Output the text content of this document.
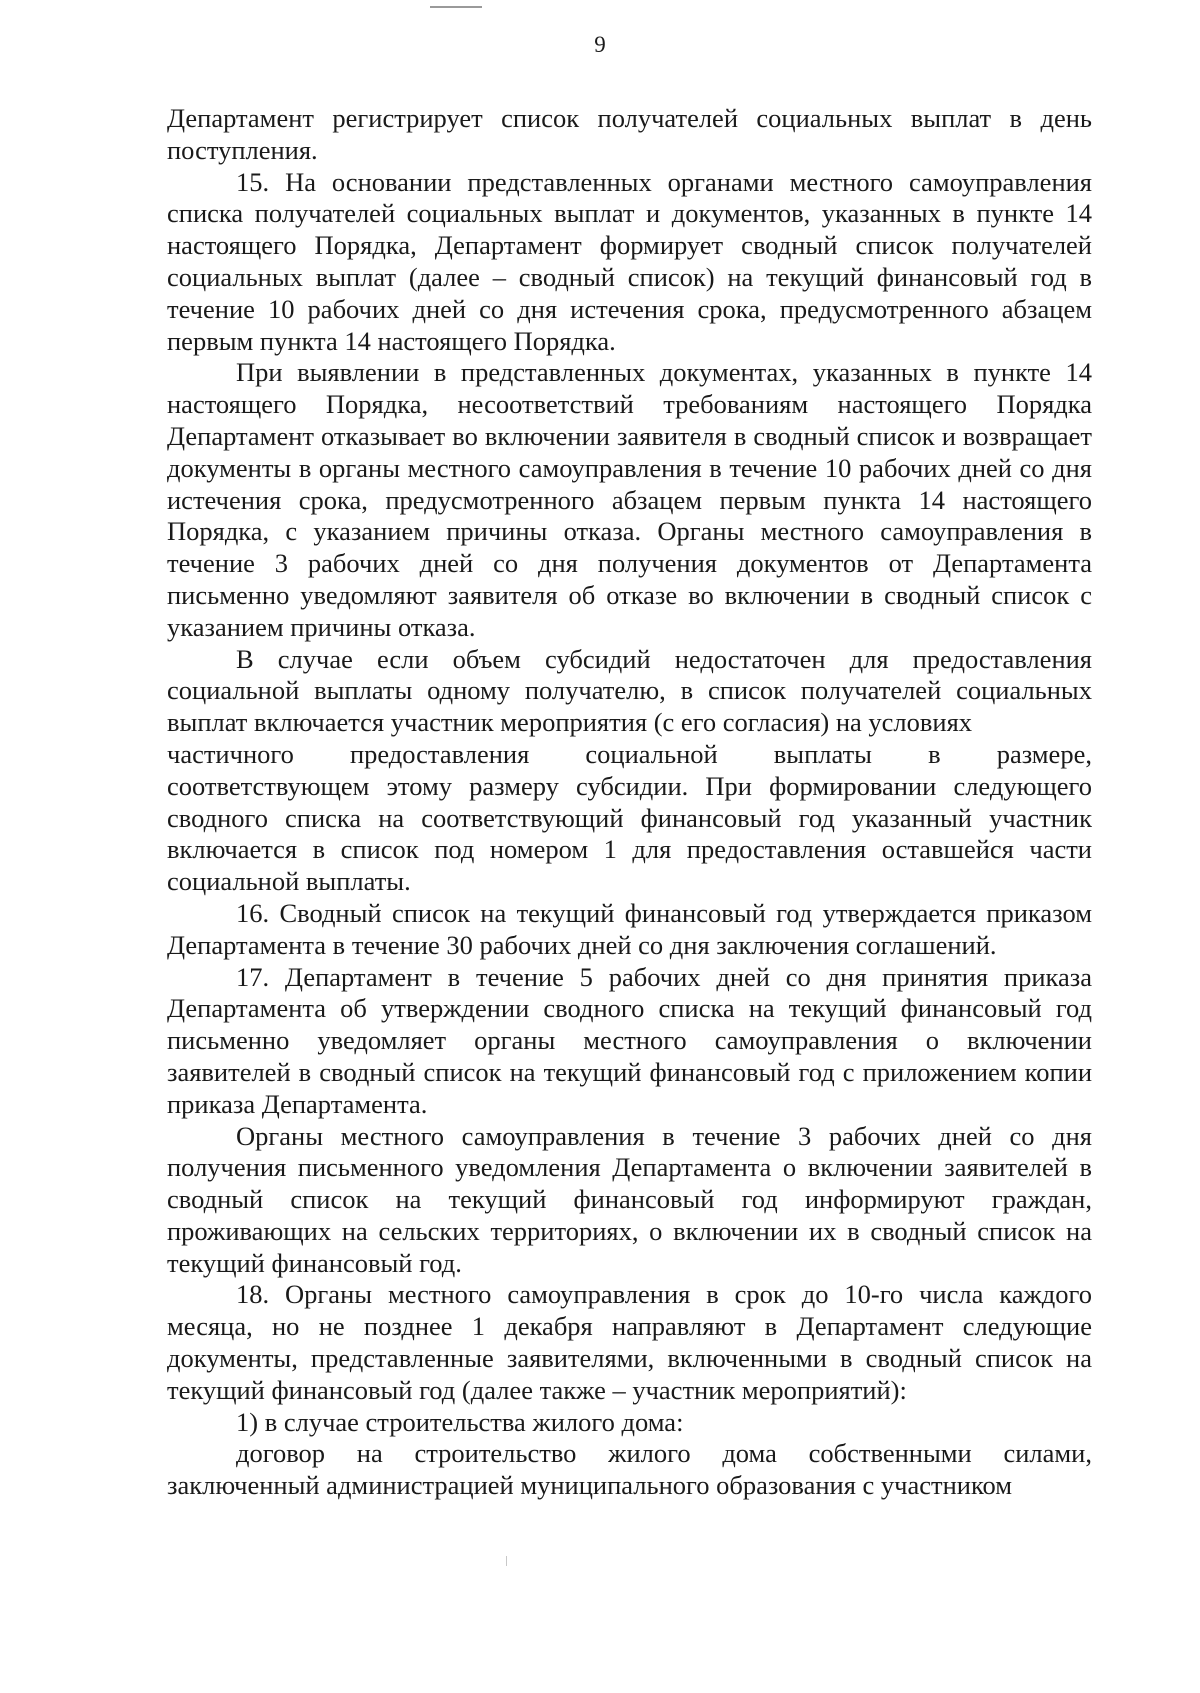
9

Департамент регистрирует список получателей социальных выплат в день поступления.

15. На основании представленных органами местного самоуправления списка получателей социальных выплат и документов, указанных в пункте 14 настоящего Порядка, Департамент формирует сводный список получателей социальных выплат (далее – сводный список) на текущий финансовый год в течение 10 рабочих дней со дня истечения срока, предусмотренного абзацем первым пункта 14 настоящего Порядка.

При выявлении в представленных документах, указанных в пункте 14 настоящего Порядка, несоответствий требованиям настоящего Порядка Департамент отказывает во включении заявителя в сводный список и возвращает документы в органы местного самоуправления в течение 10 рабочих дней со дня истечения срока, предусмотренного абзацем первым пункта 14 настоящего Порядка, с указанием причины отказа. Органы местного самоуправления в течение 3 рабочих дней со дня получения документов от Департамента письменно уведомляют заявителя об отказе во включении в сводный список с указанием причины отказа.

В случае если объем субсидий недостаточен для предоставления социальной выплаты одному получателю, в список получателей социальных выплат включается участник мероприятия (с его согласия) на условиях
частичного предоставления социальной выплаты в размере,
соответствующем этому размеру субсидии. При формировании следующего сводного списка на соответствующий финансовый год указанный участник включается в список под номером 1 для предоставления оставшейся части социальной выплаты.

16. Сводный список на текущий финансовый год утверждается приказом Департамента в течение 30 рабочих дней со дня заключения соглашений.

17. Департамент в течение 5 рабочих дней со дня принятия приказа Департамента об утверждении сводного списка на текущий финансовый год письменно уведомляет органы местного самоуправления о включении заявителей в сводный список на текущий финансовый год с приложением копии приказа Департамента.

Органы местного самоуправления в течение 3 рабочих дней со дня получения письменного уведомления Департамента о включении заявителей в сводный список на текущий финансовый год информируют граждан, проживающих на сельских территориях, о включении их в сводный список на текущий финансовый год.

18. Органы местного самоуправления в срок до 10-го числа каждого месяца, но не позднее 1 декабря направляют в Департамент следующие документы, представленные заявителями, включенными в сводный список на текущий финансовый год (далее также – участник мероприятий):

1) в случае строительства жилого дома:

договор на строительство жилого дома собственными силами, заключенный администрацией муниципального образования с участником
